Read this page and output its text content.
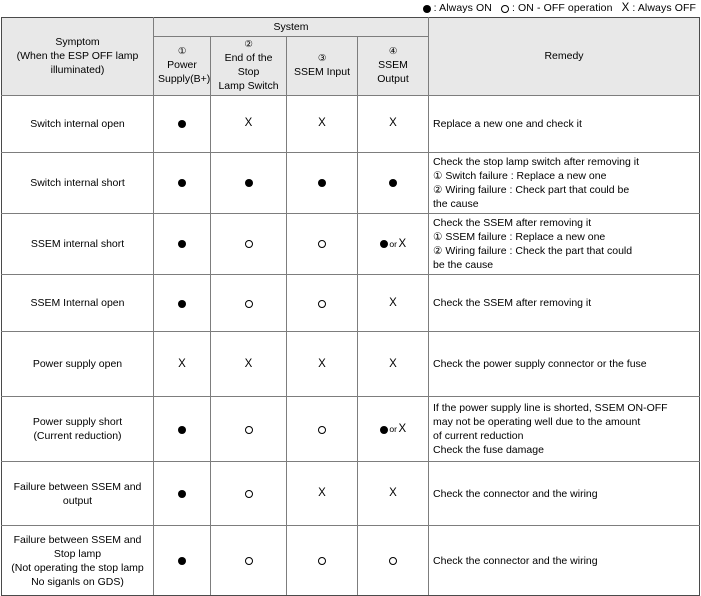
: Always ON : ON - OFF operation X : Always OFF
Symptom
(When the ESP OFF lamp
illuminated)	System				Remedy

	①
Power Supply(B+)	②
End of the Stop
Lamp Switch	③
SSEM Input	④
SSEM Output	

Switch internal open		X	X	X	Replace a new one and check it

Switch internal short					Check the stop lamp switch after removing it
① Switch failure : Replace a new one
② Wiring failure : Check part that could be
the cause

SSEM internal short				or X	Check the SSEM after removing it
① SSEM failure : Replace a new one
② Wiring failure : Check the part that could
be the cause

SSEM Internal open				X	Check the SSEM after removing it

Power supply open	X	X	X	X	Check the power supply connector or the fuse

Power supply short
(Current reduction)				or X	If the power supply line is shorted, SSEM ON-OFF
may not be operating well due to the amount
of current reduction
Check the fuse damage

Failure between SSEM and
output			X	X	Check the connector and the wiring

Failure between SSEM and
Stop lamp
(Not operating the stop lamp
No siganls on GDS)					Check the connector and the wiring
